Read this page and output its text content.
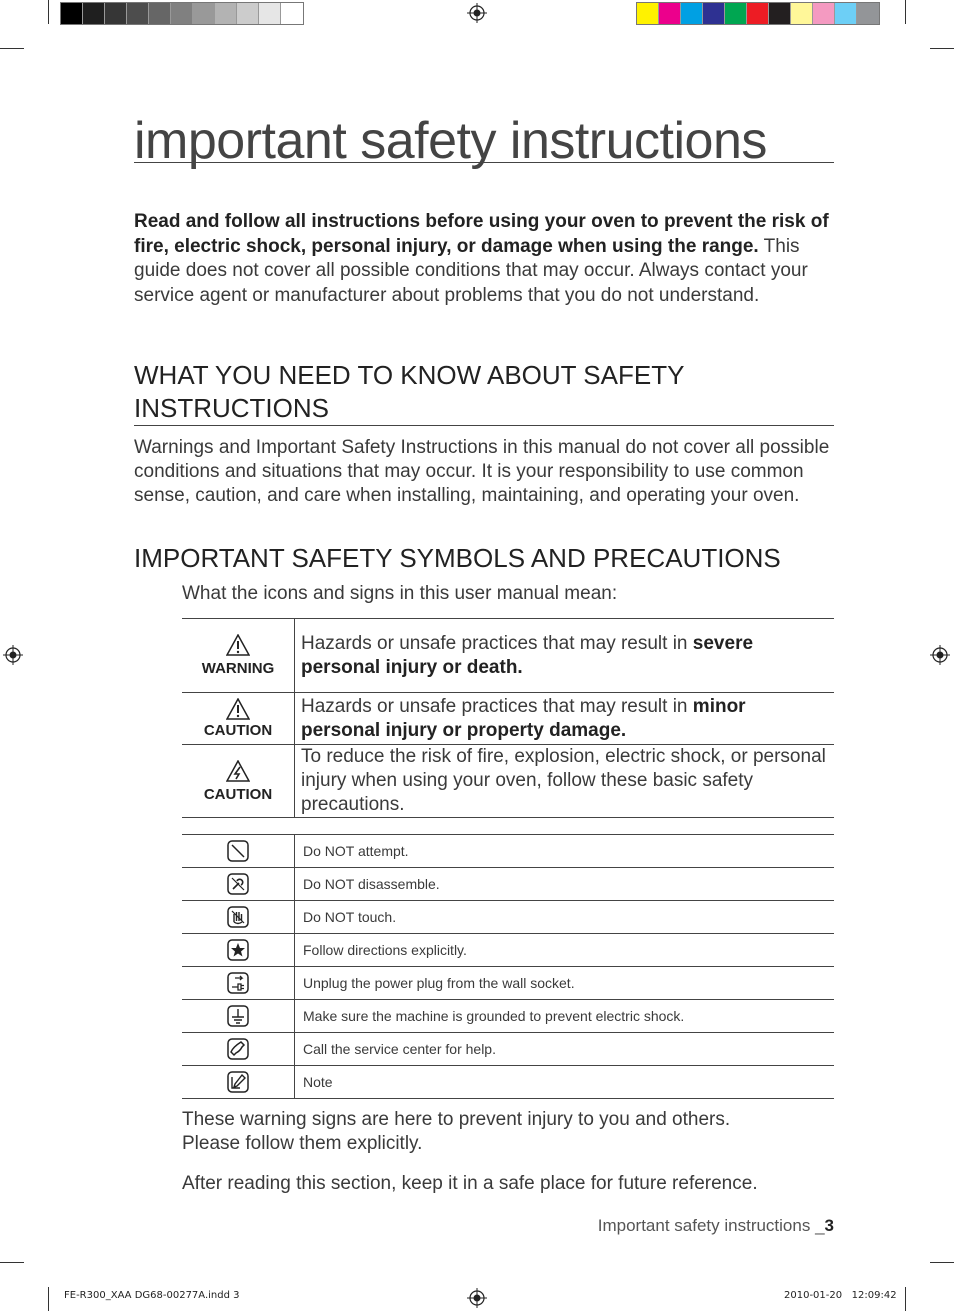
important safety instructions
Read and follow all instructions before using your oven to prevent the risk of fire, electric shock, personal injury, or damage when using the range. This guide does not cover all possible conditions that may occur. Always contact your service agent or manufacturer about problems that you do not understand.
WHAT YOU NEED TO KNOW ABOUT SAFETY INSTRUCTIONS
Warnings and Important Safety Instructions in this manual do not cover all possible conditions and situations that may occur. It is your responsibility to use common sense, caution, and care when installing, maintaining, and operating your oven.
IMPORTANT SAFETY SYMBOLS AND PRECAUTIONS
What the icons and signs in this user manual mean:
WARNING	Hazards or unsafe practices that may result in severe personal injury or death.

CAUTION	Hazards or unsafe practices that may result in minor personal injury or property damage.

CAUTION	To reduce the risk of fire, explosion, electric shock, or personal injury when using your oven, follow these basic safety precautions.
	Do NOT attempt.
	Do NOT disassemble.
	Do NOT touch.
	Follow directions explicitly.
	Unplug the power plug from the wall socket.
	Make sure the machine is grounded to prevent electric shock.
	Call the service center for help.
	Note
These warning signs are here to prevent injury to you and others.
Please follow them explicitly.
After reading this section, keep it in a safe place for future reference.
Important safety instructions _3
FE-R300_XAA DG68-00277A.indd 3	2010-01-20   12:09:42
